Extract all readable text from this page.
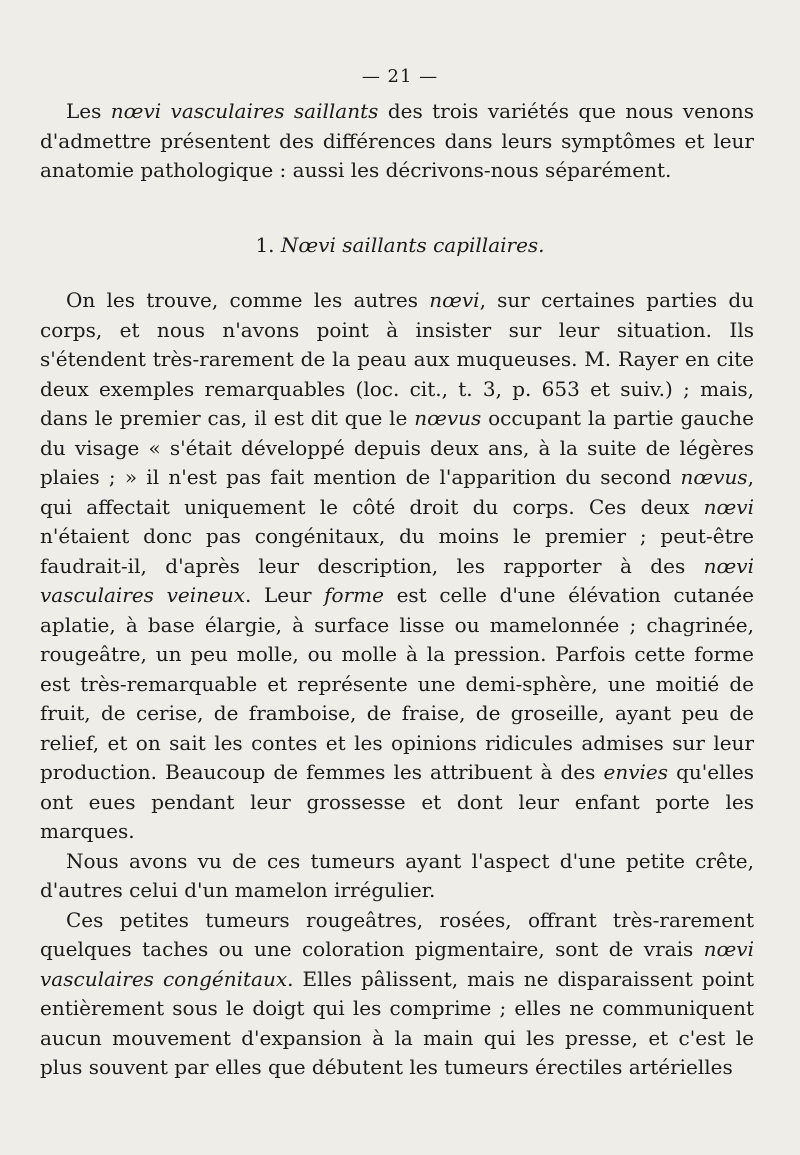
— 21 —

Les nœvi vasculaires saillants des trois variétés que nous venons d'admettre présentent des différences dans leurs symptômes et leur anatomie pathologique : aussi les décrivons-nous séparément.

1. Nœvi saillants capillaires.

On les trouve, comme les autres nœvi, sur certaines parties du corps, et nous n'avons point à insister sur leur situation. Ils s'étendent très-rarement de la peau aux muqueuses. M. Rayer en cite deux exemples remarquables (loc. cit., t. 3, p. 653 et suiv.) ; mais, dans le premier cas, il est dit que le nœvus occupant la partie gauche du visage « s'était développé depuis deux ans, à la suite de légères plaies ; » il n'est pas fait mention de l'apparition du second nœvus, qui affectait uniquement le côté droit du corps. Ces deux nœvi n'étaient donc pas congénitaux, du moins le premier ; peut-être faudrait-il, d'après leur description, les rapporter à des nœvi vasculaires veineux. Leur forme est celle d'une élévation cutanée aplatie, à base élargie, à surface lisse ou mamelonnée ; chagrinée, rougeâtre, un peu molle, ou molle à la pression. Parfois cette forme est très-remarquable et représente une demi-sphère, une moitié de fruit, de cerise, de framboise, de fraise, de groseille, ayant peu de relief, et on sait les contes et les opinions ridicules admises sur leur production. Beaucoup de femmes les attribuent à des envies qu'elles ont eues pendant leur grossesse et dont leur enfant porte les marques.

Nous avons vu de ces tumeurs ayant l'aspect d'une petite crête, d'autres celui d'un mamelon irrégulier.

Ces petites tumeurs rougeâtres, rosées, offrant très-rarement quelques taches ou une coloration pigmentaire, sont de vrais nœvi vasculaires congénitaux. Elles pâlissent, mais ne disparaissent point entièrement sous le doigt qui les comprime ; elles ne communiquent aucun mouvement d'expansion à la main qui les presse, et c'est le plus souvent par elles que débutent les tumeurs érectiles artérielles
